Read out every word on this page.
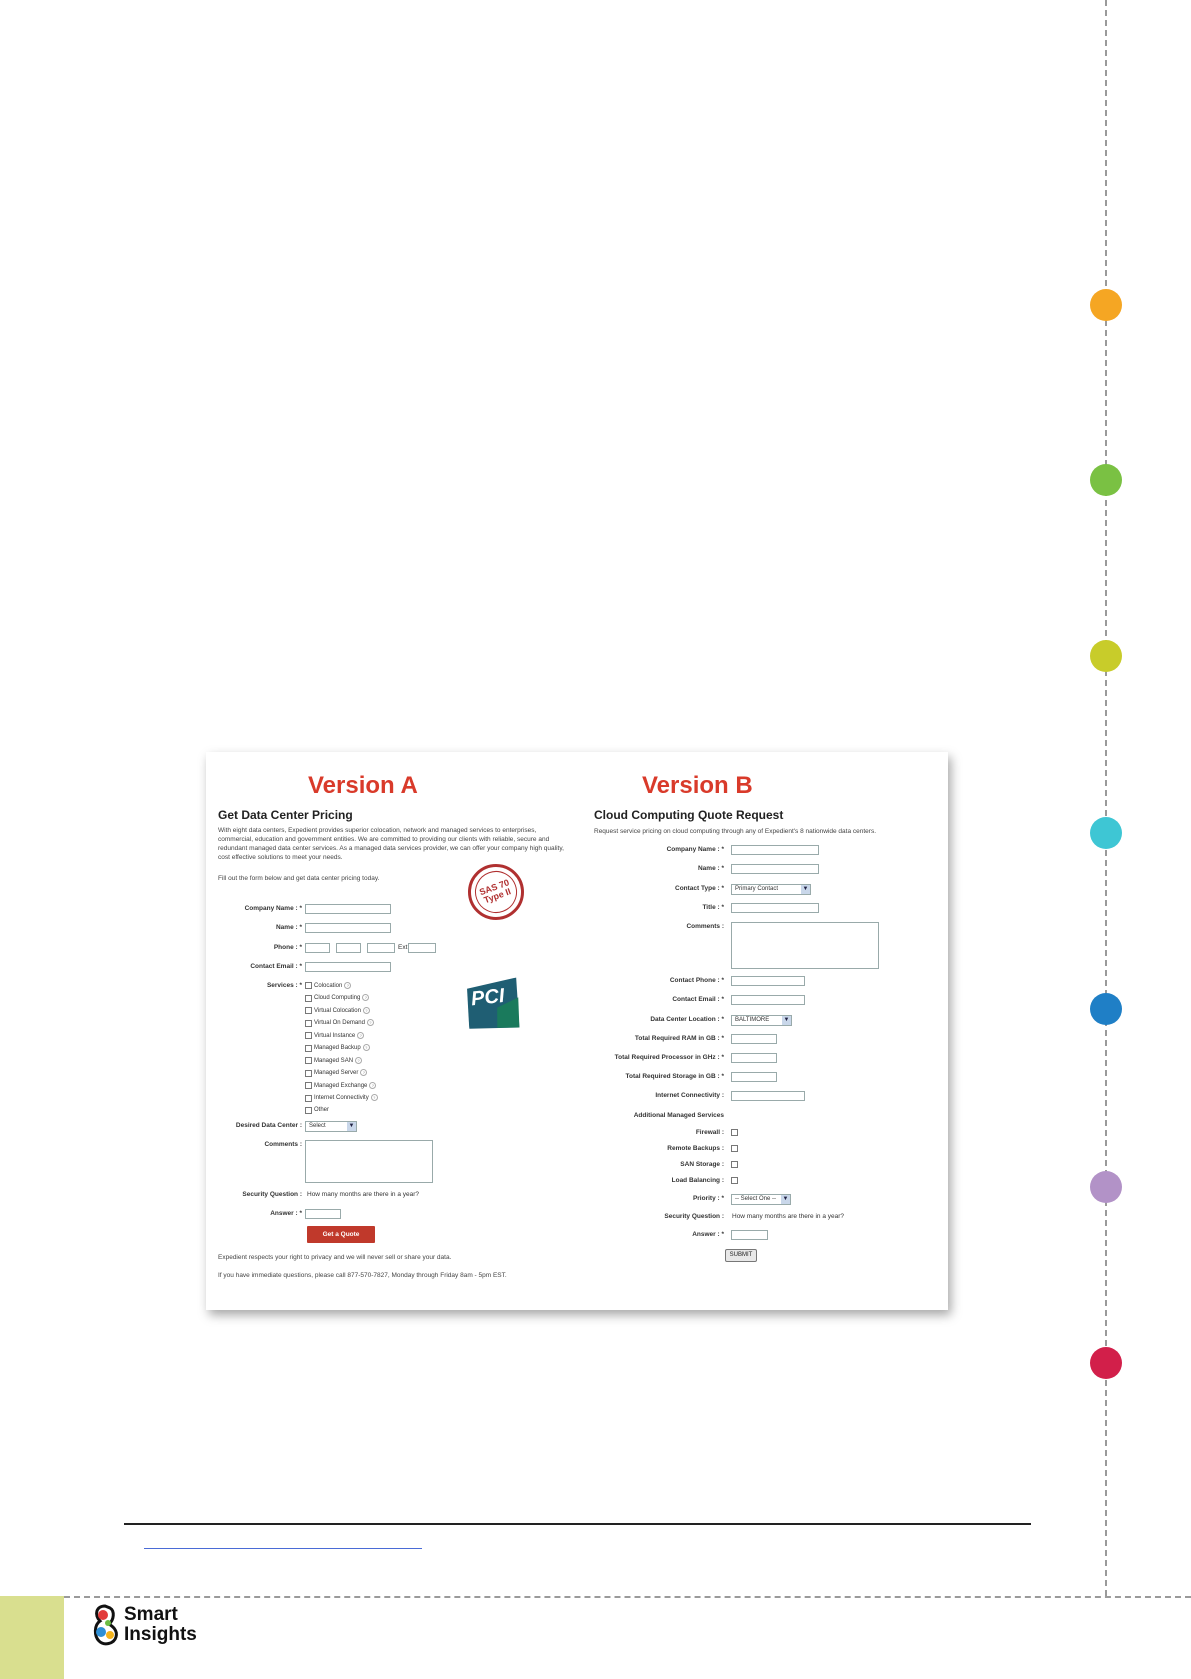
Version A
Get Data Center Pricing
With eight data centers, Expedient provides superior colocation, network and managed services to enterprises, commercial, education and government entities. We are committed to providing our clients with reliable, secure and redundant managed data center services. As a managed data services provider, we can offer your company high quality, cost effective solutions to meet your needs.
Fill out the form below and get data center pricing today.
Company Name : *
Name : *
Phone : *	Ext
Contact Email : *
Services : * Colocation ?
Cloud Computing ?
Virtual Colocation ?
Virtual On Demand ?
Virtual Instance ?
Managed Backup ?
Managed SAN ?
Managed Server ?
Managed Exchange ?
Internet Connectivity ?
Other
Desired Data Center :	Select	▼
Comments :
Security Question : How many months are there in a year?
Answer : *
Get a Quote
Expedient respects your right to privacy and we will never sell or share your data.
If you have immediate questions, please call 877-570-7827, Monday through Friday 8am - 5pm EST.
SAS 70 Type II
PCI
Version B
Cloud Computing Quote Request
Request service pricing on cloud computing through any of Expedient's 8 nationwide data centers.
Company Name : *
Name : *
Contact Type : *	Primary Contact	▼
Title : *
Comments :
Contact Phone : *
Contact Email : *
Data Center Location : *	BALTIMORE ▼
Total Required RAM in GB : *
Total Required Processor in GHz : *
Total Required Storage in GB : *
Internet Connectivity :
Additional Managed Services
Firewall :
Remote Backups :
SAN Storage :
Load Balancing :
Priority : *	-- Select One -- ▼
Security Question : How many months are there in a year?
Answer : *
SUBMIT
Smart
Insights
